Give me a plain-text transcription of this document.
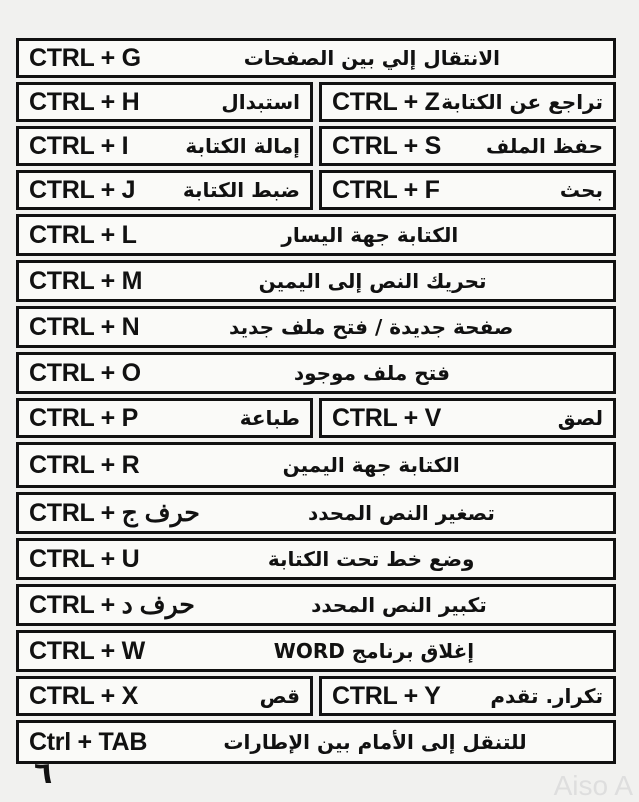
CTRL + G	الانتقال إلي بين الصفحات
CTRL + H	استبدال CTRL + Z تراجع عن الكتابة
CTRL + I	إمالة الكتابة CTRL + S حفظ الملف
CTRL + J ضبط الكتابة CTRL + F	بحث
CTRL + L	الكتابة جهة اليسار
CTRL + M	تحريك النص إلى اليمين
CTRL + N	صفحة جديدة / فتح ملف جديد
CTRL + O	فتح ملف موجود
CTRL + P	طباعة CTRL + V	لصق
CTRL + R	الكتابة جهة اليمين
CTRL + حرف ج	تصغير النص المحدد
CTRL + U	وضع خط تحت الكتابة
CTRL + حرف د	تكبير النص المحدد
CTRL + W	إغلاق برنامج WORD
CTRL + X	قص CTRL + Y تكرار. تقدم
Ctrl + TAB	للتنقل إلى الأمام بين الإطارات
٦	Aiso A
